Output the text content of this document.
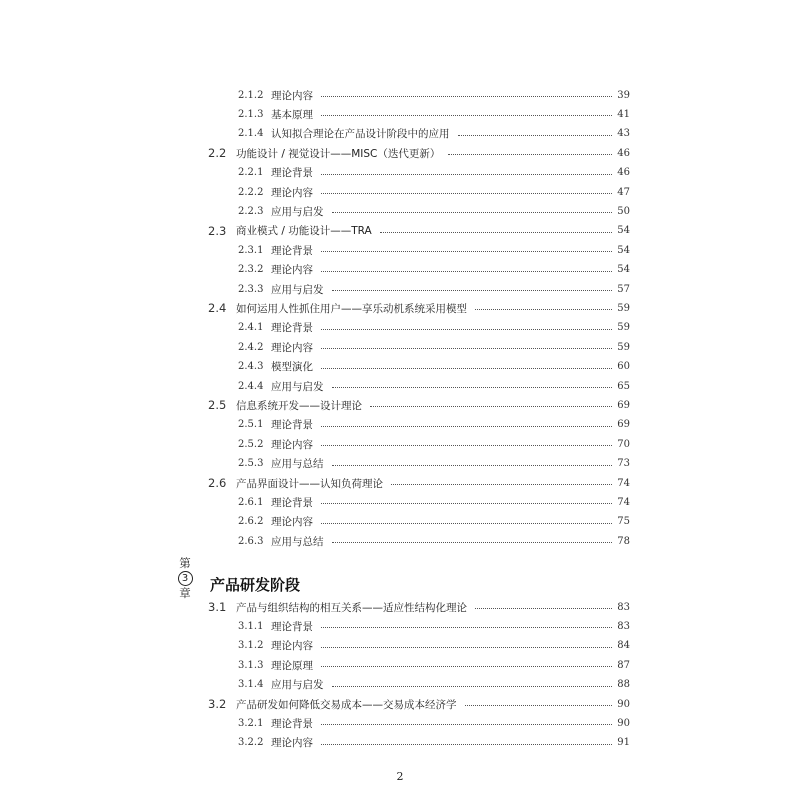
2.1.2 理论内容	39
2.1.3 基本原理	41
2.1.4 认知拟合理论在产品设计阶段中的应用	43
2.2 功能设计 / 视觉设计——MISC（迭代更新）	46
2.2.1 理论背景	46
2.2.2 理论内容	47
2.2.3 应用与启发	50
2.3 商业模式 / 功能设计——TRA	54
2.3.1 理论背景	54
2.3.2 理论内容	54
2.3.3 应用与启发	57
2.4 如何运用人性抓住用户——享乐动机系统采用模型	59
2.4.1 理论背景	59
2.4.2 理论内容	59
2.4.3 模型演化	60
2.4.4 应用与启发	65
2.5 信息系统开发——设计理论	69
2.5.1 理论背景	69
2.5.2 理论内容	70
2.5.3 应用与总结	73
2.6 产品界面设计——认知负荷理论	74
2.6.1 理论背景	74
2.6.2 理论内容	75
2.6.3 应用与总结	78
第
3
章 产品研发阶段
3.1 产品与组织结构的相互关系——适应性结构化理论	83
3.1.1 理论背景	83
3.1.2 理论内容	84
3.1.3 理论原理	87
3.1.4 应用与启发	88
3.2 产品研发如何降低交易成本——交易成本经济学	90
3.2.1 理论背景	90
3.2.2 理论内容	91
2
